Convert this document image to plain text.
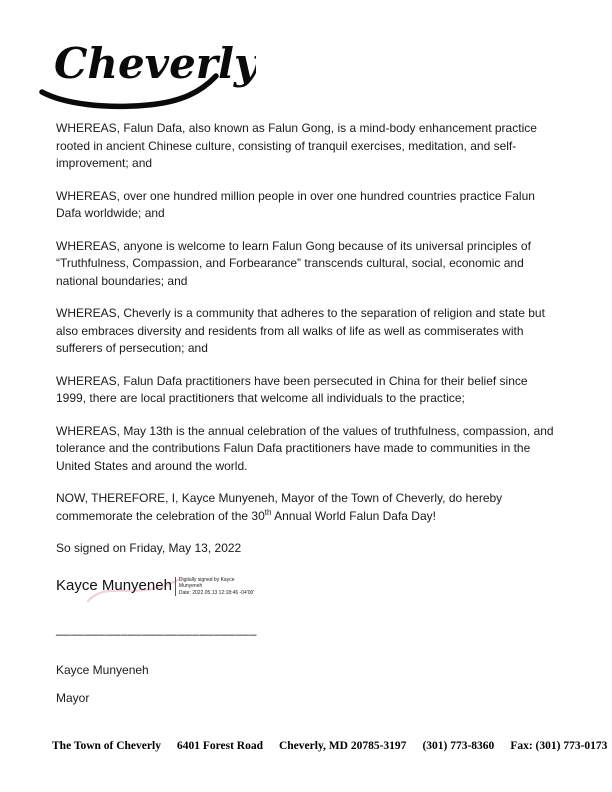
Cheverly

WHEREAS, Falun Dafa, also known as Falun Gong, is a mind-body enhancement practice rooted in ancient Chinese culture, consisting of tranquil exercises, meditation, and self-improvement; and

WHEREAS, over one hundred million people in over one hundred countries practice Falun Dafa worldwide; and

WHEREAS, anyone is welcome to learn Falun Gong because of its universal principles of “Truthfulness, Compassion, and Forbearance” transcends cultural, social, economic and national boundaries; and

WHEREAS, Cheverly is a community that adheres to the separation of religion and state but also embraces diversity and residents from all walks of life as well as commiserates with sufferers of persecution; and

WHEREAS, Falun Dafa practitioners have been persecuted in China for their belief since 1999, there are local practitioners that welcome all individuals to the practice;

WHEREAS, May 13th is the annual celebration of the values of truthfulness, compassion, and tolerance and the contributions Falun Dafa practitioners have made to communities in the United States and around the world.

NOW, THEREFORE, I, Kayce Munyeneh, Mayor of the Town of Cheverly, do hereby commemorate the celebration of the 30th Annual World Falun Dafa Day!

So signed on Friday, May 13, 2022

Kayce Munyeneh Digitally signed by Kayce
Munyeneh
Date: 2022.05.13 12:18:46 -04'00'
____________________________
Kayce Munyeneh
Mayor
The Town of Cheverly 6401 Forest Road Cheverly, MD 20785-3197 (301) 773-8360 Fax: (301) 773-0173
